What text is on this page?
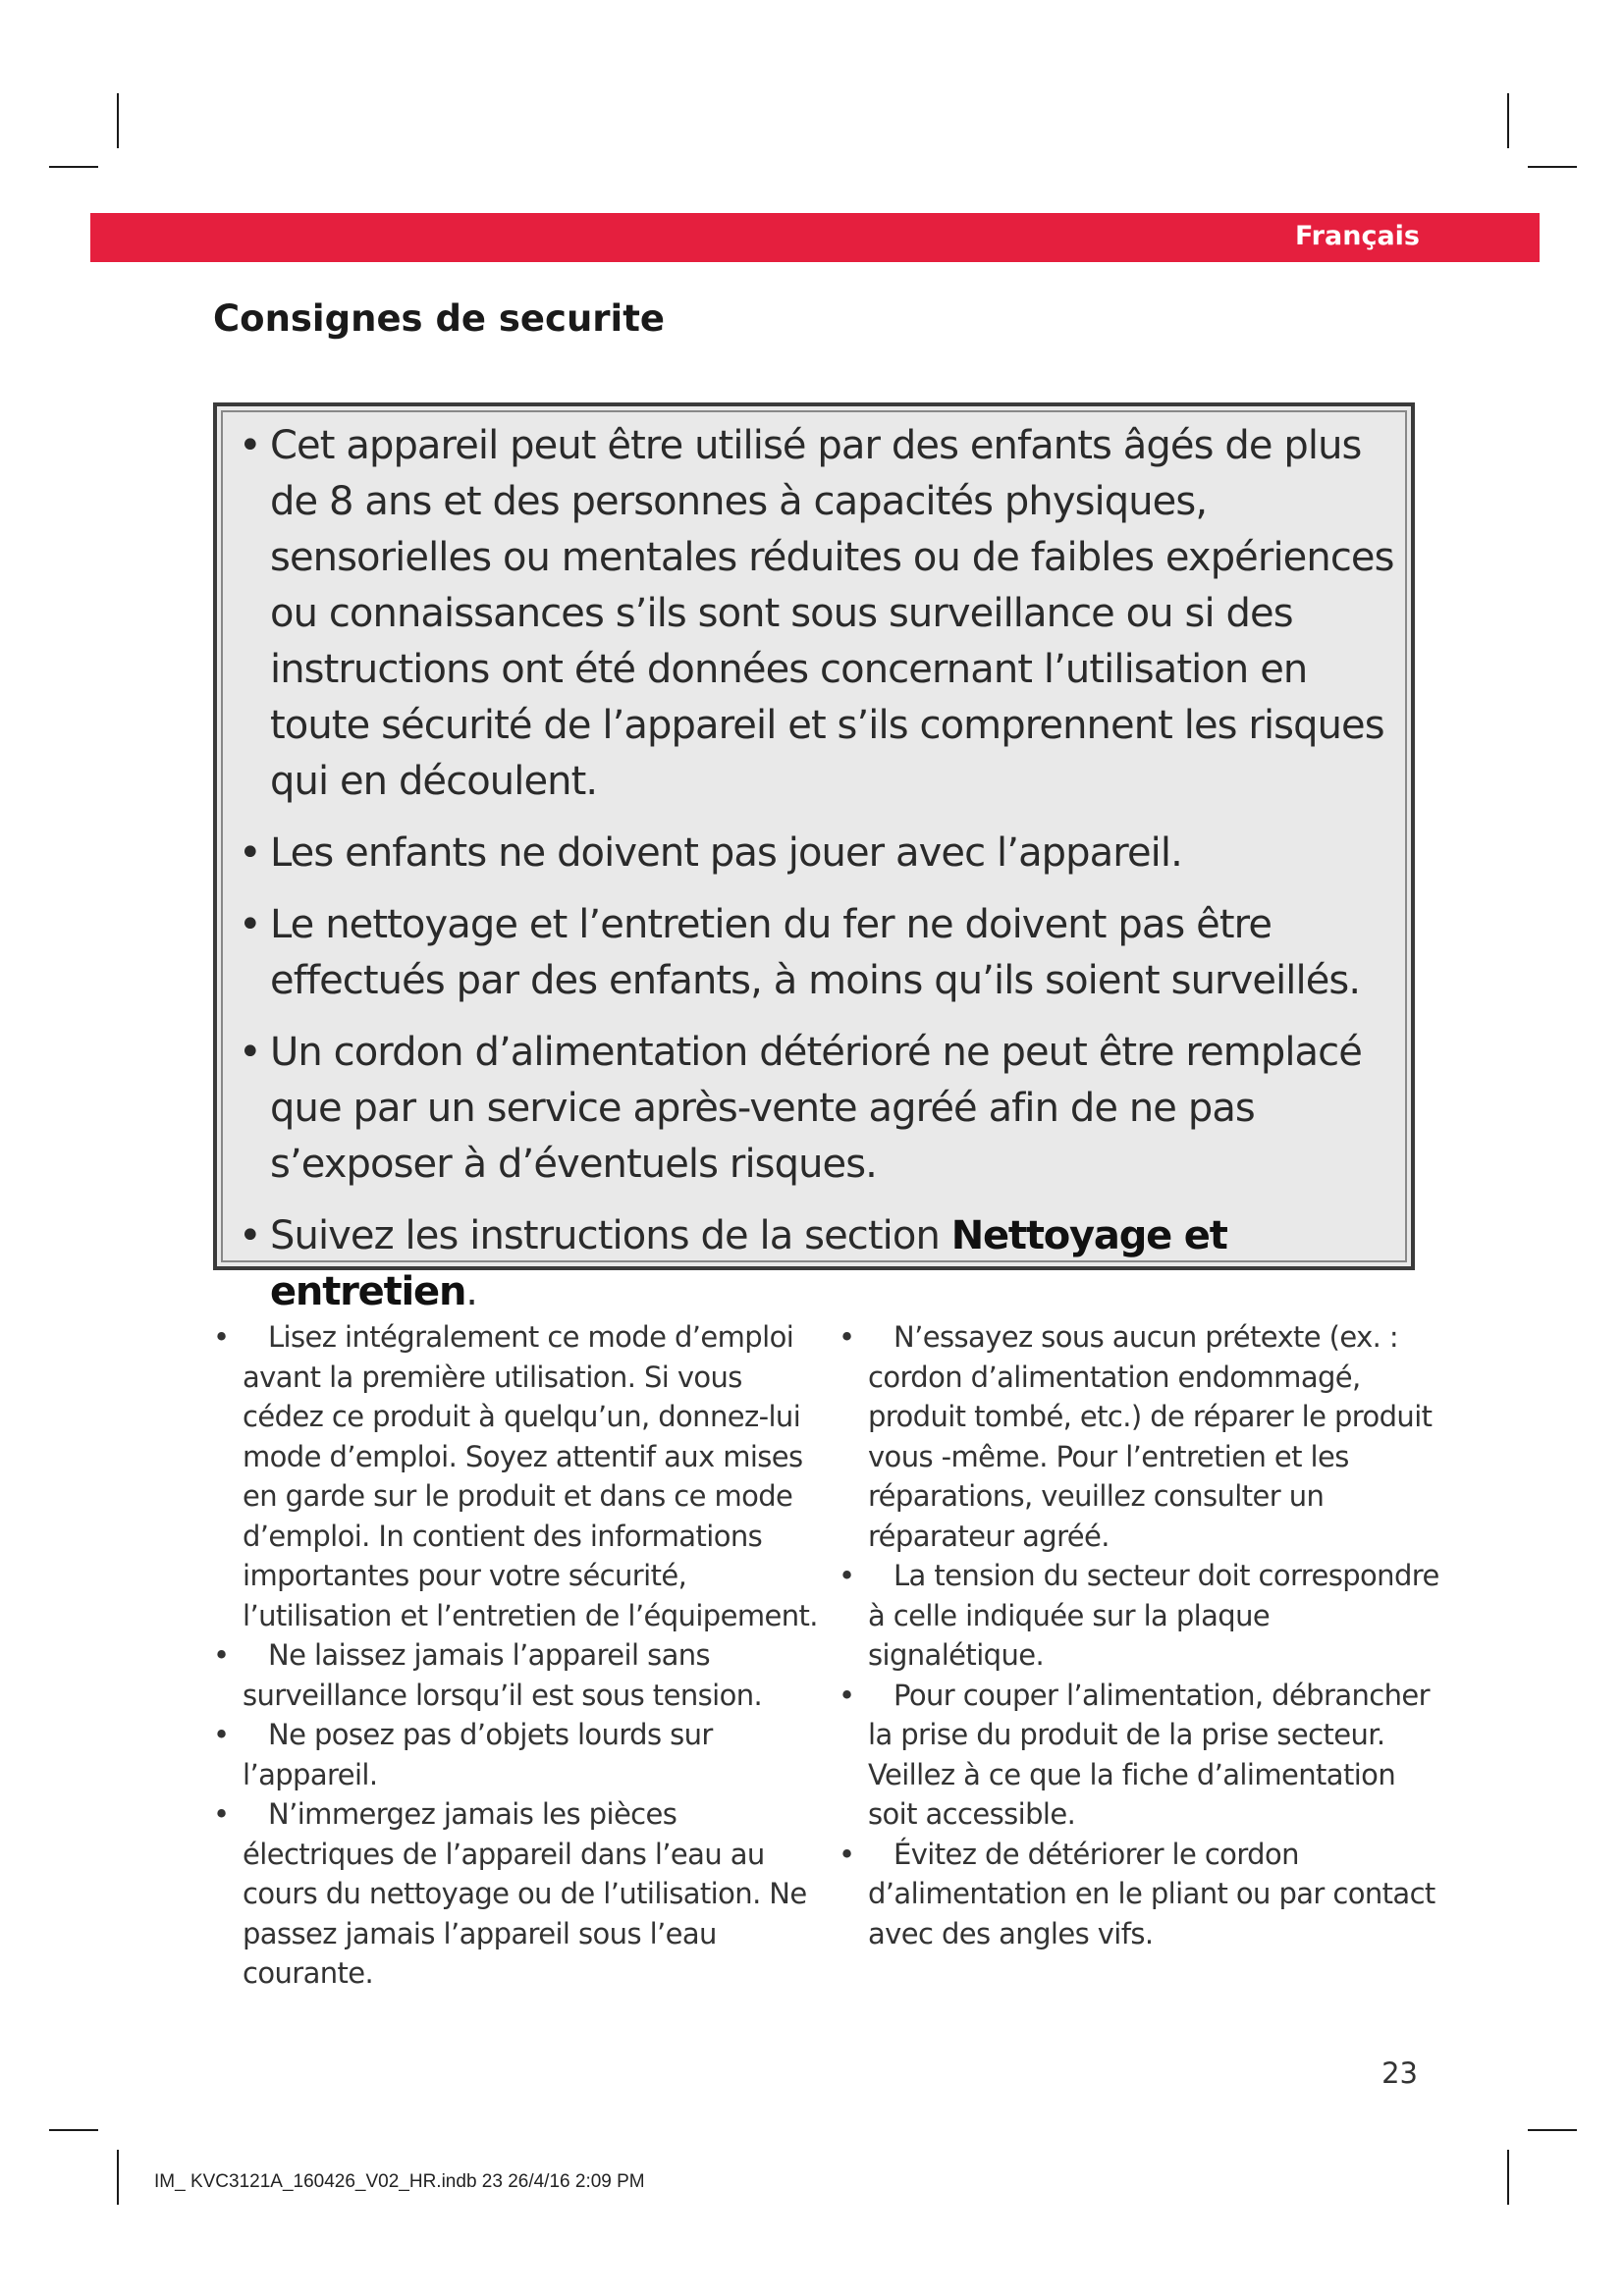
Français
Consignes de securite
• Cet appareil peut être utilisé par des enfants âgés de plus de 8 ans et des personnes à capacités physiques, sensorielles ou mentales réduites ou de faibles expériences ou connaissances s’ils sont sous surveillance ou si des instructions ont été données concernant l’utilisation en toute sécurité de l’appareil et s’ils comprennent les risques qui en découlent.
• Les enfants ne doivent pas jouer avec l’appareil.
• Le nettoyage et l’entretien du fer ne doivent pas être effectués par des enfants, à moins qu’ils soient surveillés.
• Un cordon d’alimentation détérioré ne peut être remplacé que par un service après-vente agréé afin de ne pas s’exposer à d’éventuels risques.
• Suivez les instructions de la section Nettoyage et entretien.
• Lisez intégralement ce mode d’emploi avant la première utilisation. Si vous cédez ce produit à quelqu’un, donnez-lui mode d’emploi. Soyez attentif aux mises en garde sur le produit et dans ce mode d’emploi. In contient des informations importantes pour votre sécurité, l’utilisation et l’entretien de l’équipement.
• Ne laissez jamais l’appareil sans surveillance lorsqu’il est sous tension.
• Ne posez pas d’objets lourds sur l’appareil.
• N’immergez jamais les pièces électriques de l’appareil dans l’eau au cours du nettoyage ou de l’utilisation. Ne passez jamais l’appareil sous l’eau courante.
• N’essayez sous aucun prétexte (ex. : cordon d’alimentation endommagé, produit tombé, etc.) de réparer le produit vous -même. Pour l’entretien et les réparations, veuillez consulter un réparateur agréé.
• La tension du secteur doit correspondre à celle indiquée sur la plaque signalétique.
• Pour couper l’alimentation, débrancher la prise du produit de la prise secteur. Veillez à ce que la fiche d’alimentation soit accessible.
• Évitez de détériorer le cordon d’alimentation en le pliant ou par contact avec des angles vifs.
23
IM_ KVC3121A_160426_V02_HR.indb 23 26/4/16 2:09 PM
